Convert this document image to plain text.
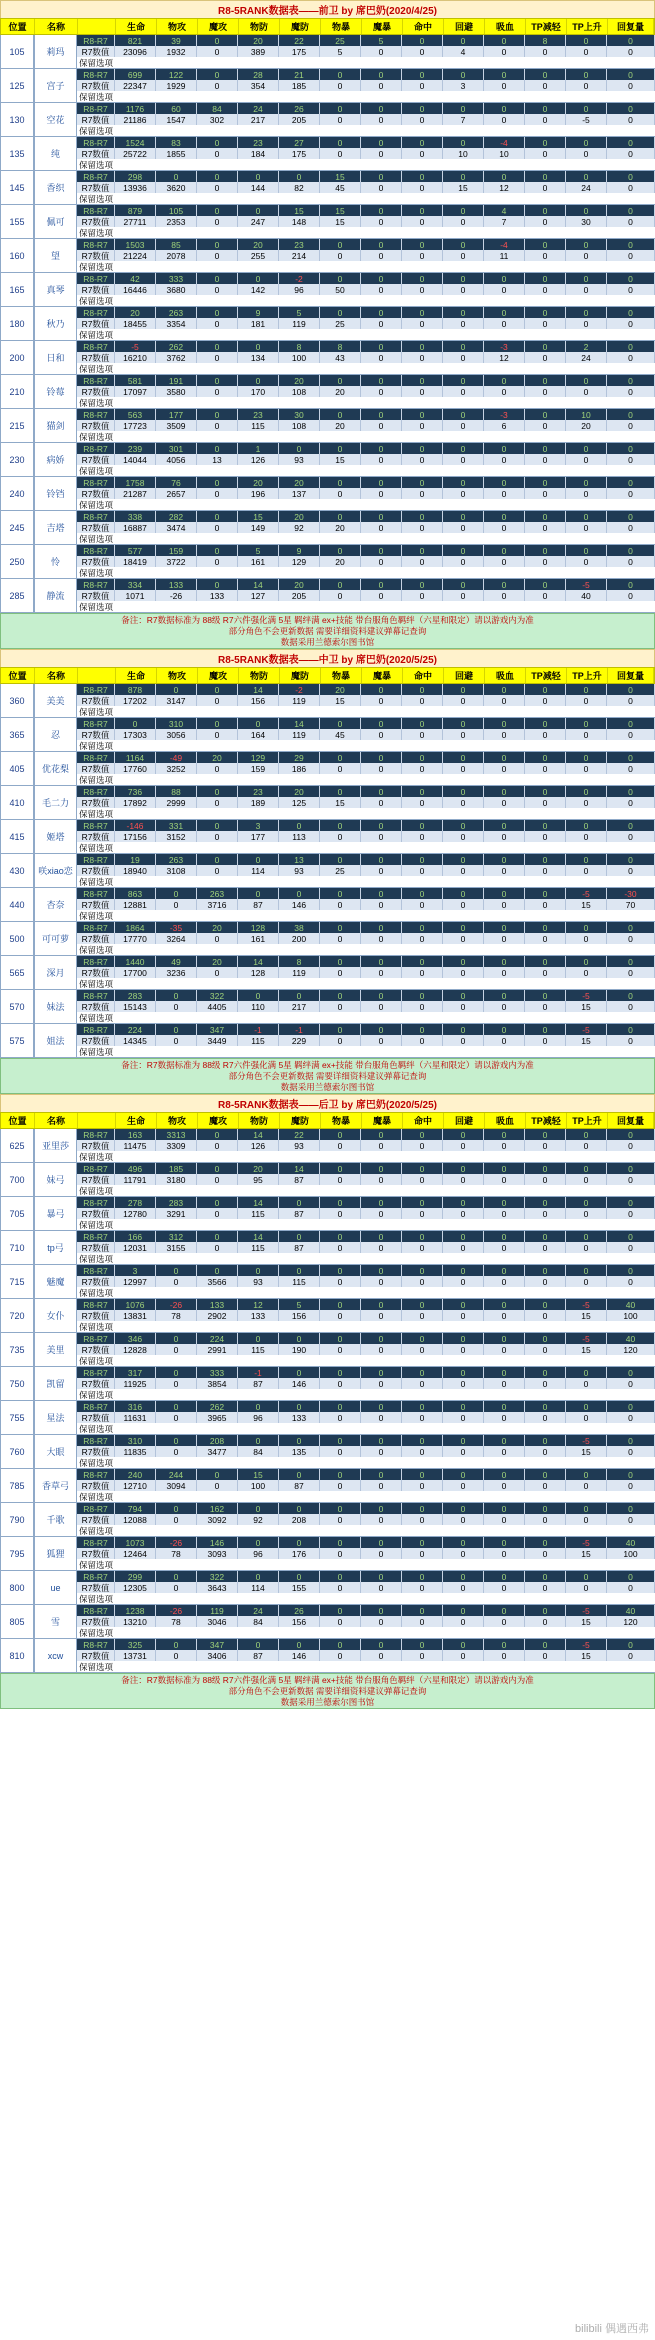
R8-5RANK数据表——前卫 by 席巴奶(2020/4/25)
位置	名称	生命	物攻	魔攻	物防	魔防	物暴	魔暴	命中	回避	吸血	TP减轻	TP上升	回复量
105	莉玛
R8-R7	821	39	0	20	22	25	5	0	0	0	8	0	0
R7数值	23096	1932	0	389	175	5	0	0	4	0	0	0	0
保留选项
125	宫子
R8-R7	699	122	0	28	21	0	0	0	0	0	0	0	0
R7数值	22347	1929	0	354	185	0	0	0	3	0	0	0	0
保留选项
130	空花
R8-R7	1176	60	84	24	26	0	0	0	0	0	0	0	0
R7数值	21186	1547	302	217	205	0	0	0	7	0	0	-5	0
保留选项
135	纯
R8-R7	1524	83	0	23	27	0	0	0	0	-4	0	0	0
R7数值	25722	1855	0	184	175	0	0	0	10	10	0	0	0
保留选项
145	香织
R8-R7	298	0	0	0	0	15	0	0	0	0	0	0	0
R7数值	13936	3620	0	144	82	45	0	0	15	12	0	24	0
保留选项
155	佩可
R8-R7	879	105	0	0	15	15	0	0	0	4	0	0	0
R7数值	27711	2353	0	247	148	15	0	0	0	7	0	30	0
保留选项
160	望
R8-R7	1503	85	0	20	23	0	0	0	0	-4	0	0	0
R7数值	21224	2078	0	255	214	0	0	0	0	11	0	0	0
保留选项
165	真琴
R8-R7	42	333	0	0	-2	0	0	0	0	0	0	0	0
R7数值	16446	3680	0	142	96	50	0	0	0	0	0	0	0
保留选项
180	秋乃
R8-R7	20	263	0	9	5	0	0	0	0	0	0	0	0
R7数值	18455	3354	0	181	119	25	0	0	0	0	0	0	0
保留选项
200	日和
R8-R7	-5	262	0	0	8	8	0	0	0	-3	0	2	0
R7数值	16210	3762	0	134	100	43	0	0	0	12	0	24	0
保留选项
210	铃莓
R8-R7	581	191	0	0	20	0	0	0	0	0	0	0	0
R7数值	17097	3580	0	170	108	20	0	0	0	0	0	0	0
保留选项
215	猫剑
R8-R7	563	177	0	23	30	0	0	0	0	-3	0	10	0
R7数值	17723	3509	0	115	108	20	0	0	0	6	0	20	0
保留选项
230	病娇
R8-R7	239	301	0	1	0	0	0	0	0	0	0	0	0
R7数值	14044	4056	13	126	93	15	0	0	0	0	0	0	0
保留选项
240	铃铛
R8-R7	1758	76	0	20	20	0	0	0	0	0	0	0	0
R7数值	21287	2657	0	196	137	0	0	0	0	0	0	0	0
保留选项
245	吉塔
R8-R7	338	282	0	15	20	0	0	0	0	0	0	0	0
R7数值	16887	3474	0	149	92	20	0	0	0	0	0	0	0
保留选项
250	怜
R8-R7	577	159	0	5	9	0	0	0	0	0	0	0	0
R7数值	18419	3722	0	161	129	20	0	0	0	0	0	0	0
保留选项
285	静流
R8-R7	334	133	0	14	20	0	0	0	0	0	0	-5	0
R7数值	1071	-26	133	127	205	0	0	0	0	0	0	40	0
保留选项
备注：R7数据标准为 88级 R7六件强化满 5星 羁绊满 ex+技能 带台服角色羁绊（六星和限定）请以游戏内为准
部分角色不会更新数据 需要详细资料建议弹幕记查询
数据采用兰德索尔图书馆
R8-5RANK数据表——中卫 by 席巴奶(2020/5/25)
位置	名称	生命	物攻	魔攻	物防	魔防	物暴	魔暴	命中	回避	吸血	TP减轻	TP上升	回复量
360	美美
R8-R7	878	0	0	14	-2	20	0	0	0	0	0	0	0
R7数值	17202	3147	0	156	119	15	0	0	0	0	0	0	0
保留选项
365	忍
R8-R7	0	310	0	0	14	0	0	0	0	0	0	0	0
R7数值	17303	3056	0	164	119	45	0	0	0	0	0	0	0
保留选项
405	优花梨
R8-R7	1164	-49	20	129	29	0	0	0	0	0	0	0	0
R7数值	17760	3252	0	159	186	0	0	0	0	0	0	0	0
保留选项
410	毛二力
R8-R7	736	88	0	23	20	0	0	0	0	0	0	0	0
R7数值	17892	2999	0	189	125	15	0	0	0	0	0	0	0
保留选项
415	姬塔
R8-R7	-146	331	0	3	0	0	0	0	0	0	0	0	0
R7数值	17156	3152	0	177	113	0	0	0	0	0	0	0	0
保留选项
430	咲xiao恋
R8-R7	19	263	0	0	13	0	0	0	0	0	0	0	0
R7数值	18940	3108	0	114	93	25	0	0	0	0	0	0	0
保留选项
440	杏奈
R8-R7	863	0	263	0	0	0	0	0	0	0	0	-5	-30
R7数值	12881	0	3716	87	146	0	0	0	0	0	0	15	70
保留选项
500	可可萝
R8-R7	1864	-35	20	128	38	0	0	0	0	0	0	0	0
R7数值	17770	3264	0	161	200	0	0	0	0	0	0	0	0
保留选项
565	深月
R8-R7	1440	49	20	14	8	0	0	0	0	0	0	0	0
R7数值	17700	3236	0	128	119	0	0	0	0	0	0	0	0
保留选项
570	妹法
R8-R7	283	0	322	0	0	0	0	0	0	0	0	-5	0
R7数值	15143	0	4405	110	217	0	0	0	0	0	0	15	0
保留选项
575	姐法
R8-R7	224	0	347	-1	-1	0	0	0	0	0	0	-5	0
R7数值	14345	0	3449	115	229	0	0	0	0	0	0	15	0
保留选项
备注：R7数据标准为 88级 R7六件强化满 5星 羁绊满 ex+技能 带台服角色羁绊（六星和限定）请以游戏内为准
部分角色不会更新数据 需要详细资料建议弹幕记查询
数据采用兰德索尔图书馆
R8-5RANK数据表——后卫 by 席巴奶(2020/5/25)
位置	名称	生命	物攻	魔攻	物防	魔防	物暴	魔暴	命中	回避	吸血	TP减轻	TP上升	回复量
625	亚里莎
R8-R7	163	3313	0	14	22	0	0	0	0	0	0	0	0
R7数值	11475	3309	0	126	93	0	0	0	0	0	0	0	0
保留选项
700	妹弓
R8-R7	496	185	0	20	14	0	0	0	0	0	0	0	0
R7数值	11791	3180	0	95	87	0	0	0	0	0	0	0	0
保留选项
705	暴弓
R8-R7	278	283	0	14	0	0	0	0	0	0	0	0	0
R7数值	12780	3291	0	115	87	0	0	0	0	0	0	0	0
保留选项
710	tp弓
R8-R7	166	312	0	14	0	0	0	0	0	0	0	0	0
R7数值	12031	3155	0	115	87	0	0	0	0	0	0	0	0
保留选项
715	魅魔
R8-R7	3	0	0	0	0	0	0	0	0	0	0	0	0
R7数值	12997	0	3566	93	115	0	0	0	0	0	0	0	0
保留选项
720	女仆
R8-R7	1076	-26	133	12	5	0	0	0	0	0	0	-5	40
R7数值	13831	78	2902	133	156	0	0	0	0	0	0	15	100
保留选项
735	美里
R8-R7	346	0	224	0	0	0	0	0	0	0	0	-5	40
R7数值	12828	0	2991	115	190	0	0	0	0	0	0	15	120
保留选项
750	凯留
R8-R7	317	0	333	-1	0	0	0	0	0	0	0	0	0
R7数值	11925	0	3854	87	146	0	0	0	0	0	0	0	0
保留选项
755	星法
R8-R7	316	0	262	0	0	0	0	0	0	0	0	0	0
R7数值	11631	0	3965	96	133	0	0	0	0	0	0	0	0
保留选项
760	大眼
R8-R7	310	0	208	0	0	0	0	0	0	0	0	-5	0
R7数值	11835	0	3477	84	135	0	0	0	0	0	0	15	0
保留选项
785	香草弓
R8-R7	240	244	0	15	0	0	0	0	0	0	0	0	0
R7数值	12710	3094	0	100	87	0	0	0	0	0	0	0	0
保留选项
790	千歌
R8-R7	794	0	162	0	0	0	0	0	0	0	0	0	0
R7数值	12088	0	3092	92	208	0	0	0	0	0	0	0	0
保留选项
795	狐狸
R8-R7	1073	-26	146	0	0	0	0	0	0	0	0	-5	40
R7数值	12464	78	3093	96	176	0	0	0	0	0	0	15	100
保留选项
800	ue
R8-R7	299	0	322	0	0	0	0	0	0	0	0	0	0
R7数值	12305	0	3643	114	155	0	0	0	0	0	0	0	0
保留选项
805	雪
R8-R7	1238	-26	119	24	26	0	0	0	0	0	0	-5	40
R7数值	13210	78	3046	84	156	0	0	0	0	0	0	15	120
保留选项
810	xcw
R8-R7	325	0	347	0	0	0	0	0	0	0	0	-5	0
R7数值	13731	0	3406	87	146	0	0	0	0	0	0	15	0
保留选项
备注：R7数据标准为 88级 R7六件强化满 5星 羁绊满 ex+技能 带台服角色羁绊（六星和限定）请以游戏内为准
部分角色不会更新数据 需要详细资料建议弹幕记查询
数据采用兰德索尔图书馆
bilibili 偶遇西弗
